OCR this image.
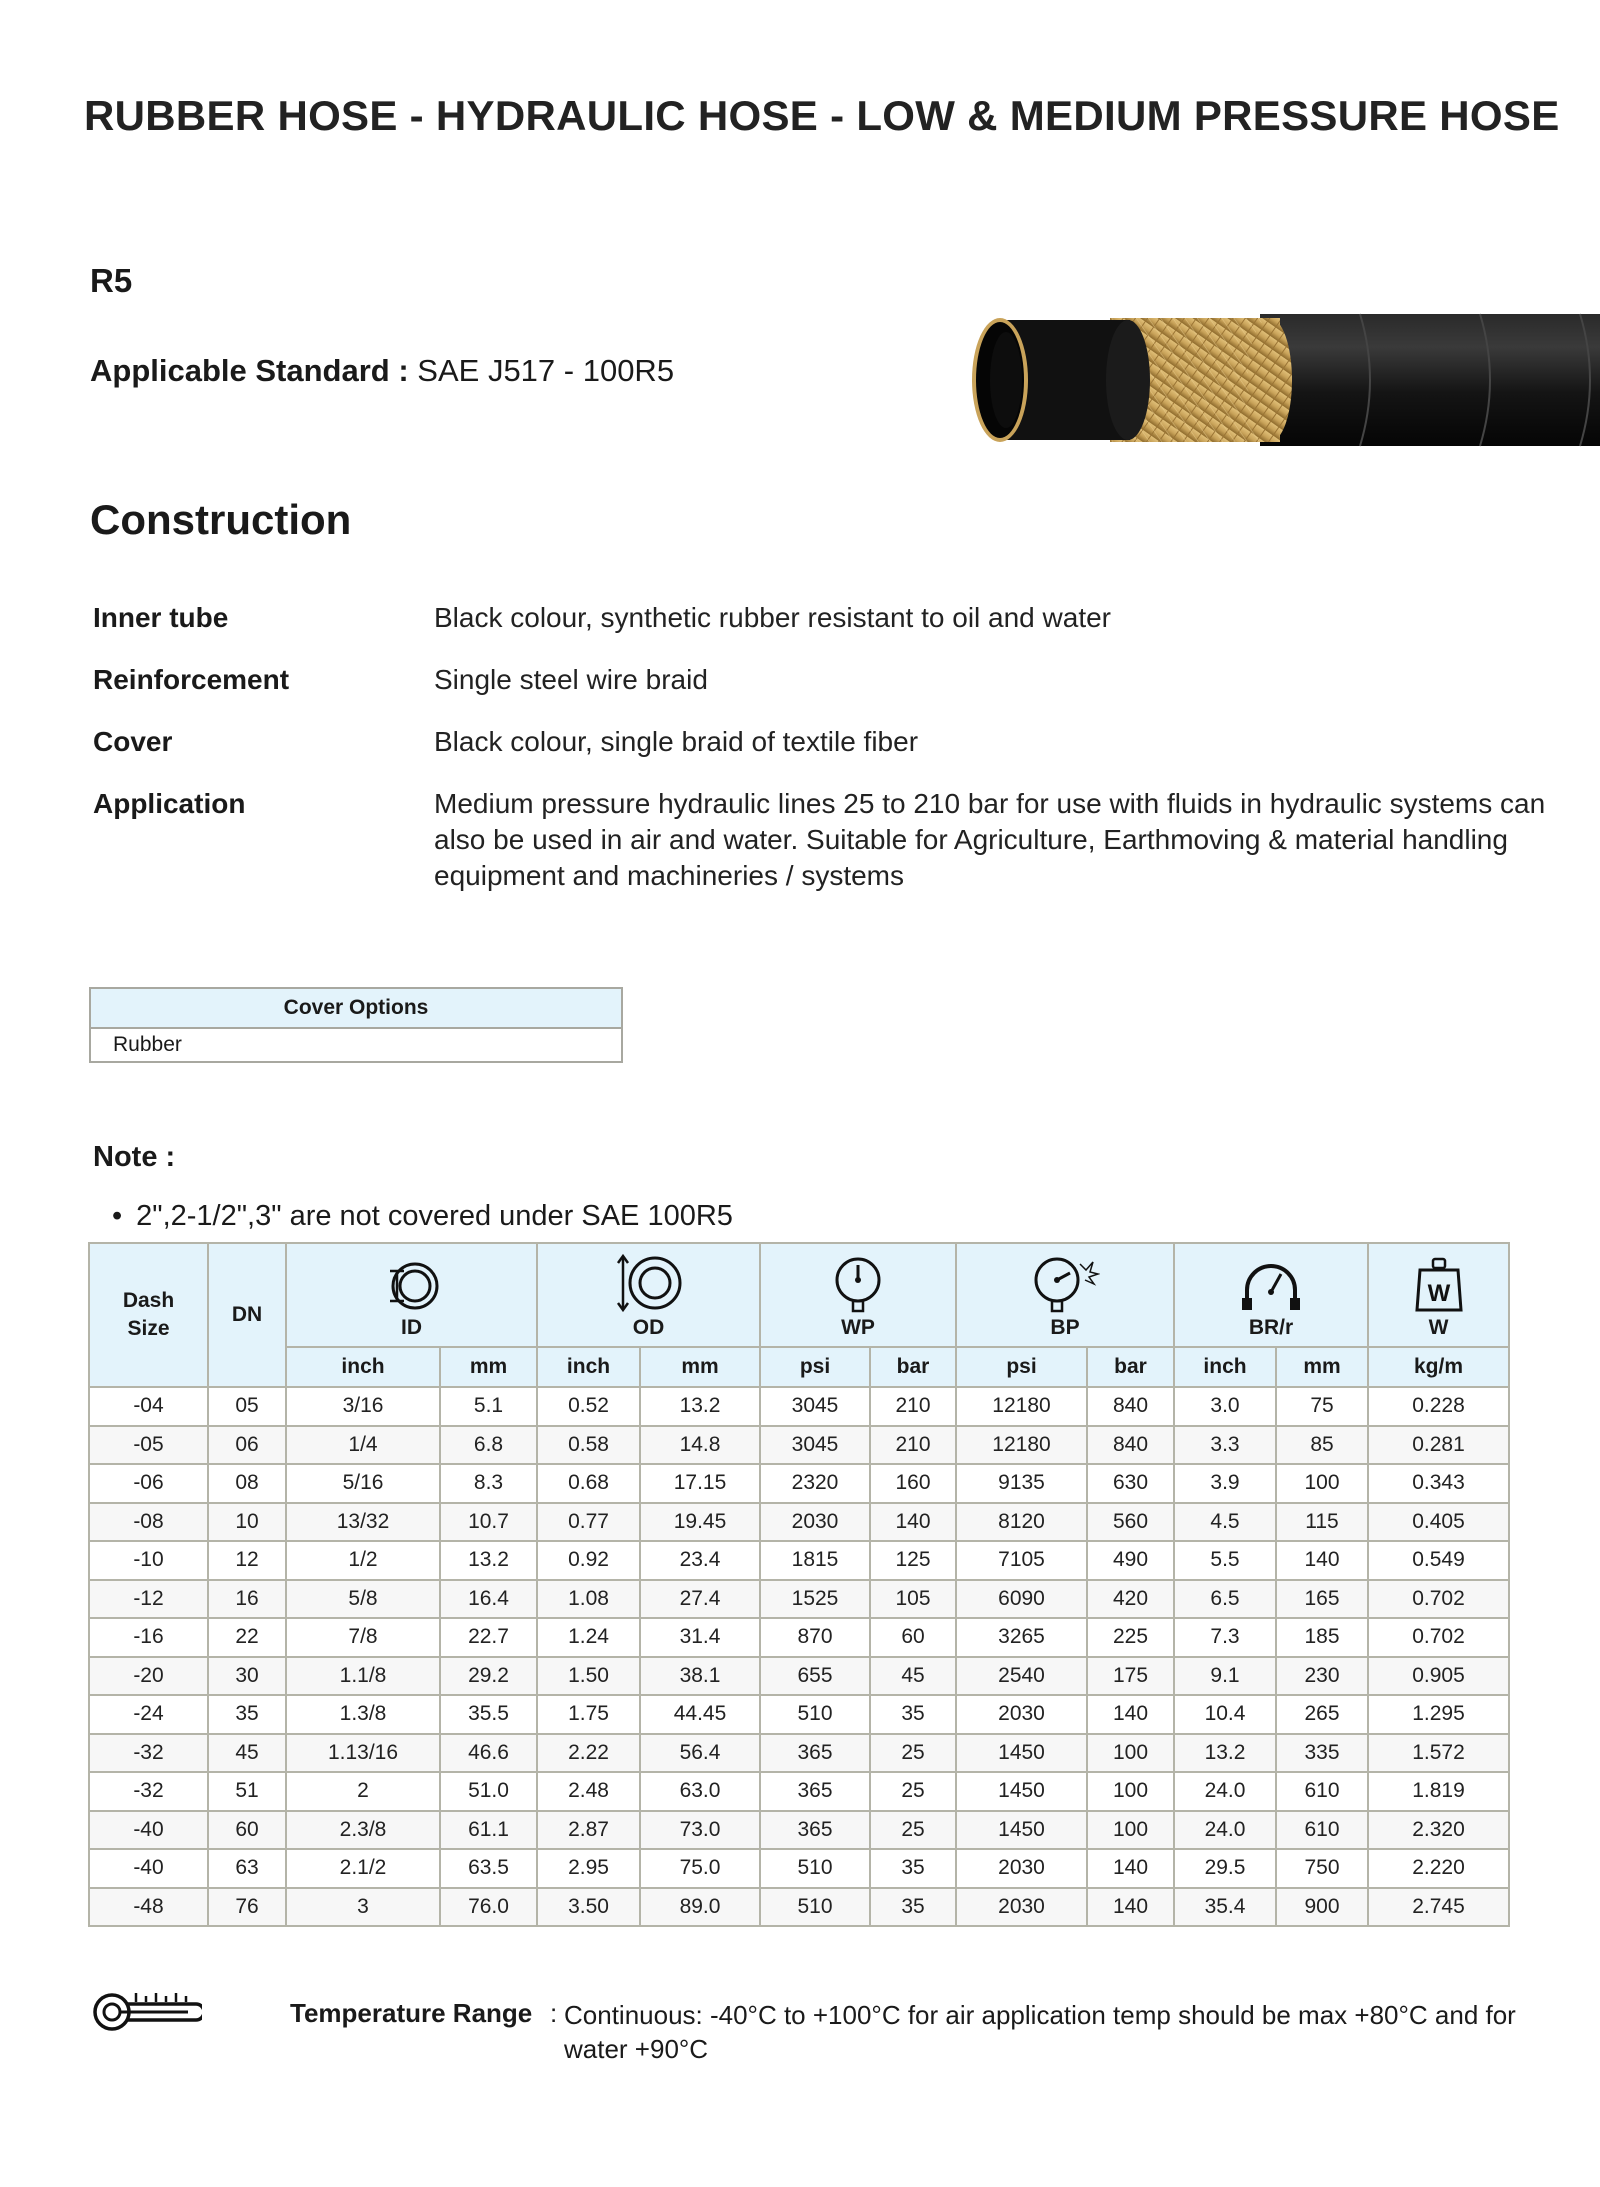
RUBBER HOSE - HYDRAULIC HOSE - LOW & MEDIUM PRESSURE HOSE
R5
Applicable Standard : SAE J517 - 100R5
Construction
Inner tube	Black colour, synthetic rubber resistant to oil and water
Reinforcement	Single steel wire braid
Cover	Black colour, single braid of textile fiber
Application	Medium pressure hydraulic lines 25 to 210 bar for use with fluids in hydraulic systems can also be used in air and water. Suitable for Agriculture, Earthmoving & material handling equipment and machineries / systems
Cover Options
Rubber
Note :
• 2",2-1/2",3" are not covered under SAE 100R5
Dash Size	DN	ID		OD		WP		BP		BR/r		W
W
		inch	mm	inch	mm	psi	bar	psi	bar	inch	mm	kg/m
-04	05	3/16	5.1	0.52	13.2	3045	210	12180	840	3.0	75	0.228
-05	06	1/4	6.8	0.58	14.8	3045	210	12180	840	3.3	85	0.281
-06	08	5/16	8.3	0.68	17.15	2320	160	9135	630	3.9	100	0.343
-08	10	13/32	10.7	0.77	19.45	2030	140	8120	560	4.5	115	0.405
-10	12	1/2	13.2	0.92	23.4	1815	125	7105	490	5.5	140	0.549
-12	16	5/8	16.4	1.08	27.4	1525	105	6090	420	6.5	165	0.702
-16	22	7/8	22.7	1.24	31.4	870	60	3265	225	7.3	185	0.702
-20	30	1.1/8	29.2	1.50	38.1	655	45	2540	175	9.1	230	0.905
-24	35	1.3/8	35.5	1.75	44.45	510	35	2030	140	10.4	265	1.295
-32	45	1.13/16	46.6	2.22	56.4	365	25	1450	100	13.2	335	1.572
-32	51	2	51.0	2.48	63.0	365	25	1450	100	24.0	610	1.819
-40	60	2.3/8	61.1	2.87	73.0	365	25	1450	100	24.0	610	2.320
-40	63	2.1/2	63.5	2.95	75.0	510	35	2030	140	29.5	750	2.220
-48	76	3	76.0	3.50	89.0	510	35	2030	140	35.4	900	2.745
Temperature Range : Continuous: -40°C to +100°C for air application temp should be max +80°C and for water +90°C
